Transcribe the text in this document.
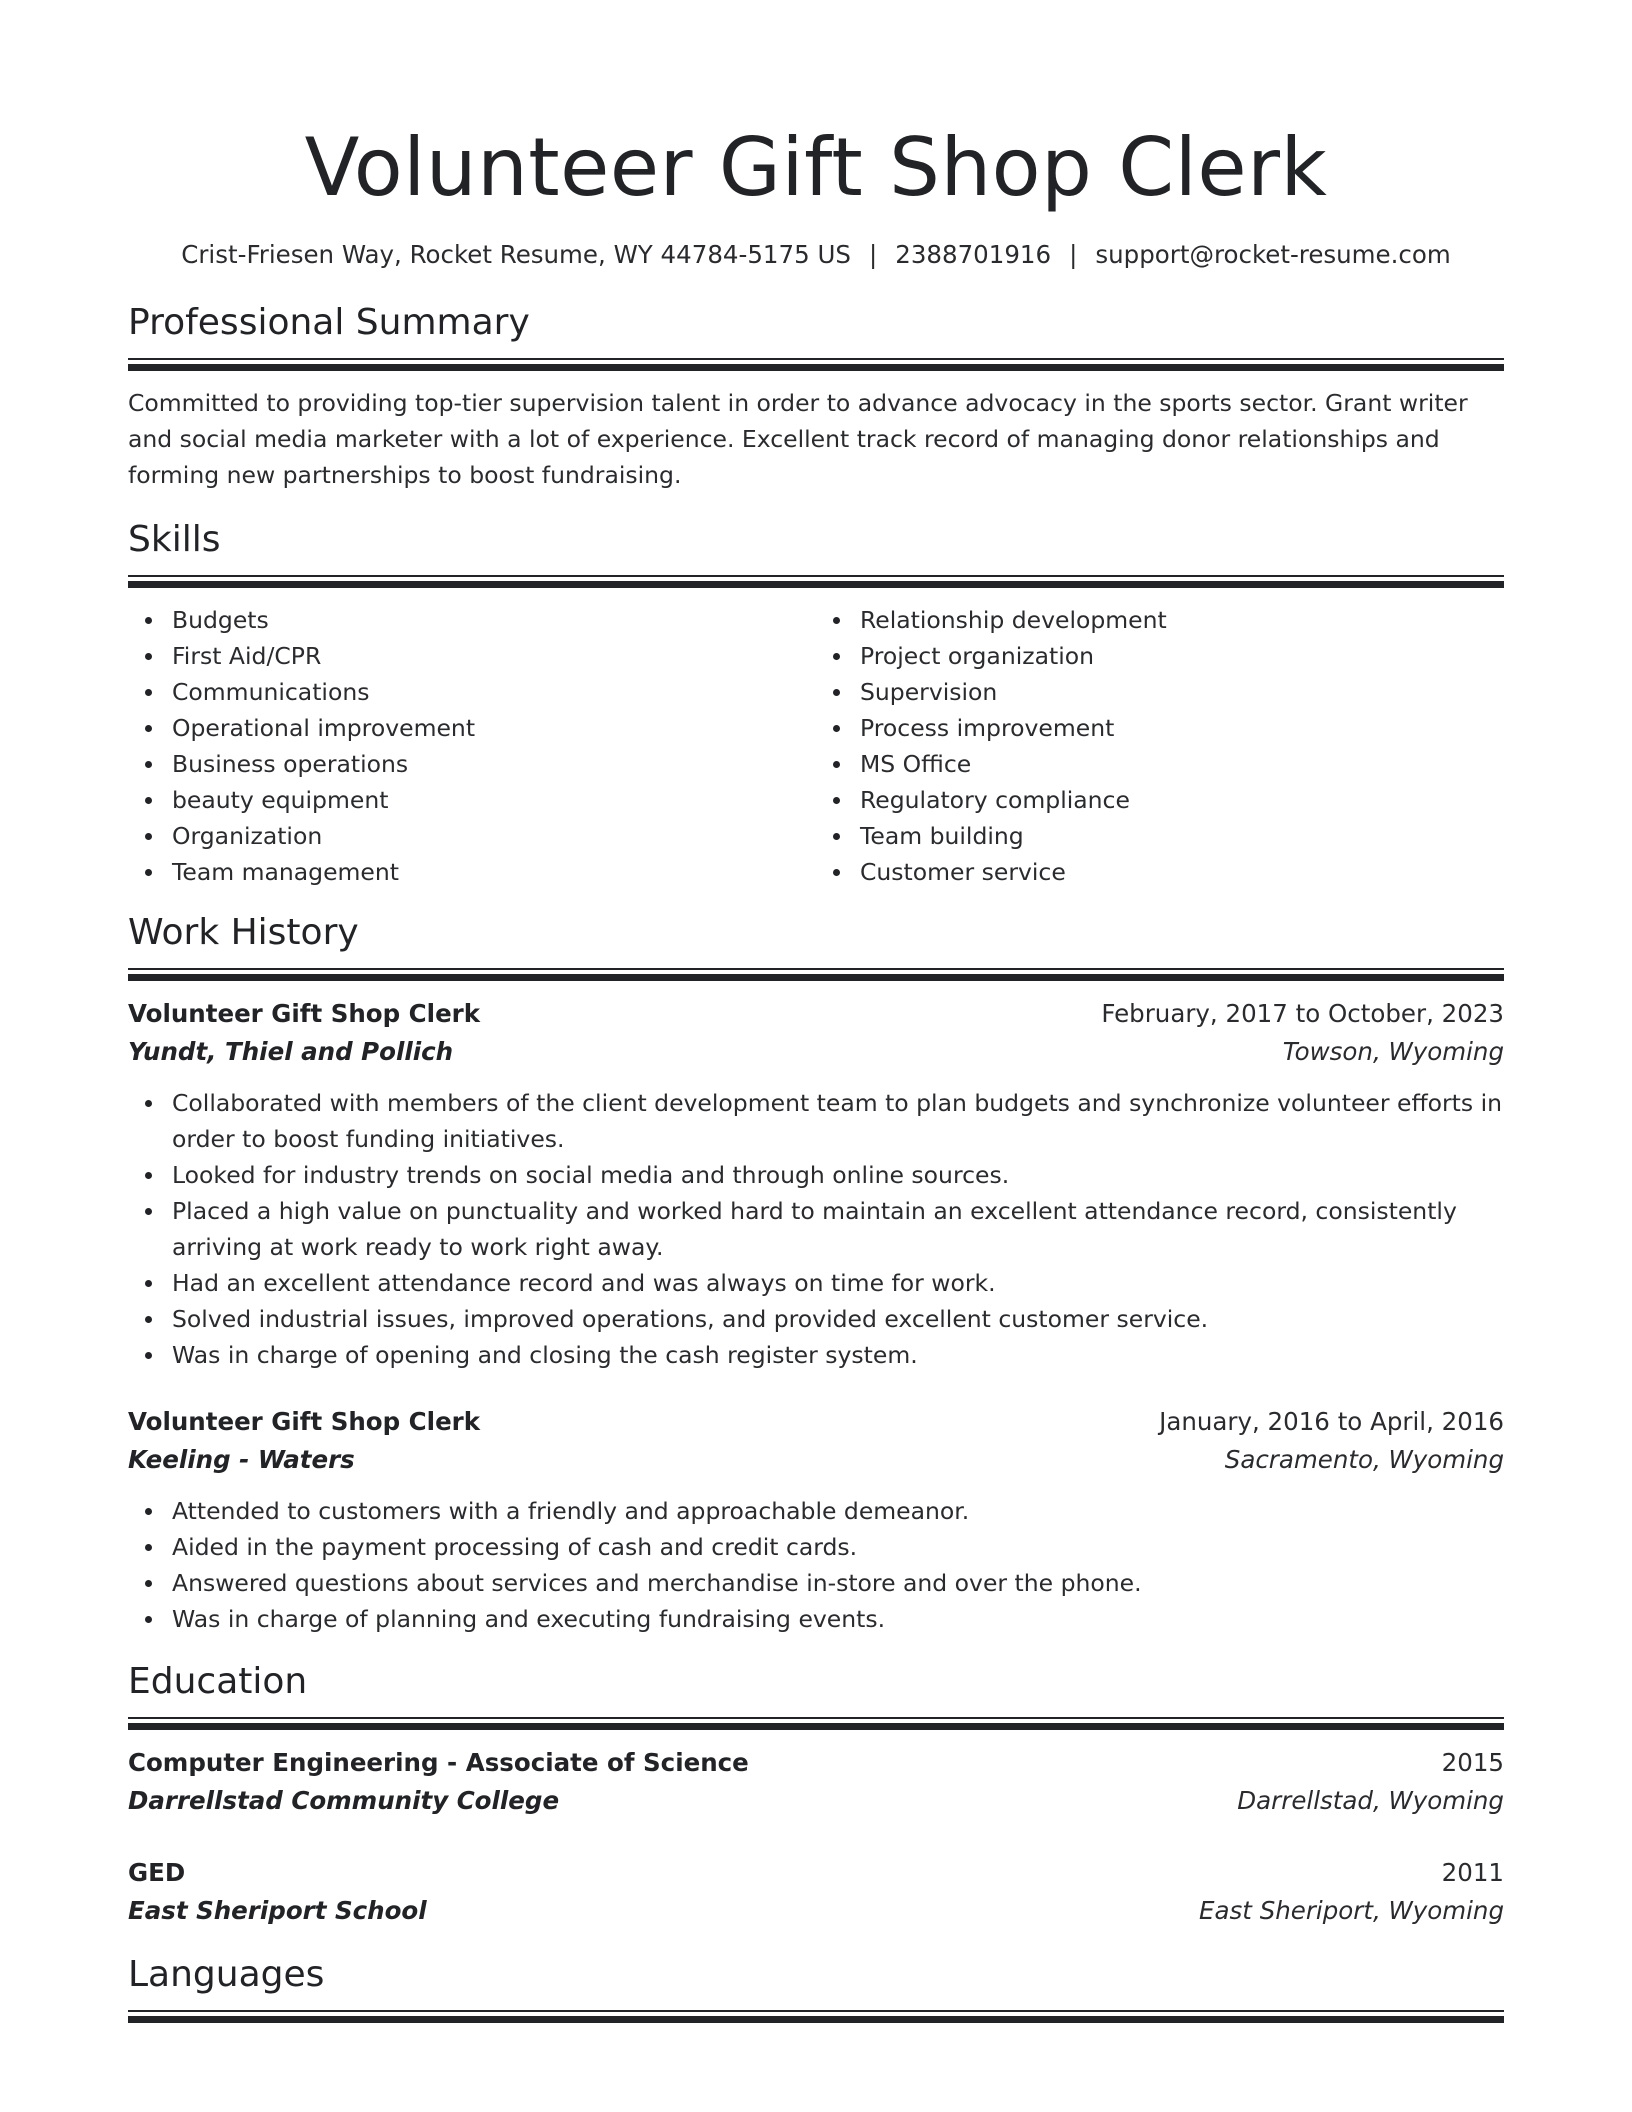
Volunteer Gift Shop Clerk
Crist-Friesen Way, Rocket Resume, WY 44784-5175 US | 2388701916 | support@rocket-resume.com
Professional Summary
Committed to providing top-tier supervision talent in order to advance advocacy in the sports sector. Grant writer and social media marketer with a lot of experience. Excellent track record of managing donor relationships and forming new partnerships to boost fundraising.
Skills
Budgets
First Aid/CPR
Communications
Operational improvement
Business operations
beauty equipment
Organization
Team management
Relationship development
Project organization
Supervision
Process improvement
MS Office
Regulatory compliance
Team building
Customer service
Work History
Volunteer Gift Shop Clerk	February, 2017 to October, 2023
Yundt, Thiel and Pollich	Towson, Wyoming
Collaborated with members of the client development team to plan budgets and synchronize volunteer efforts in order to boost funding initiatives.
Looked for industry trends on social media and through online sources.
Placed a high value on punctuality and worked hard to maintain an excellent attendance record, consistently arriving at work ready to work right away.
Had an excellent attendance record and was always on time for work.
Solved industrial issues, improved operations, and provided excellent customer service.
Was in charge of opening and closing the cash register system.
Volunteer Gift Shop Clerk	January, 2016 to April, 2016
Keeling - Waters	Sacramento, Wyoming
Attended to customers with a friendly and approachable demeanor.
Aided in the payment processing of cash and credit cards.
Answered questions about services and merchandise in-store and over the phone.
Was in charge of planning and executing fundraising events.
Education
Computer Engineering - Associate of Science	2015
Darrellstad Community College	Darrellstad, Wyoming
GED	2011
East Sheriport School	East Sheriport, Wyoming
Languages
